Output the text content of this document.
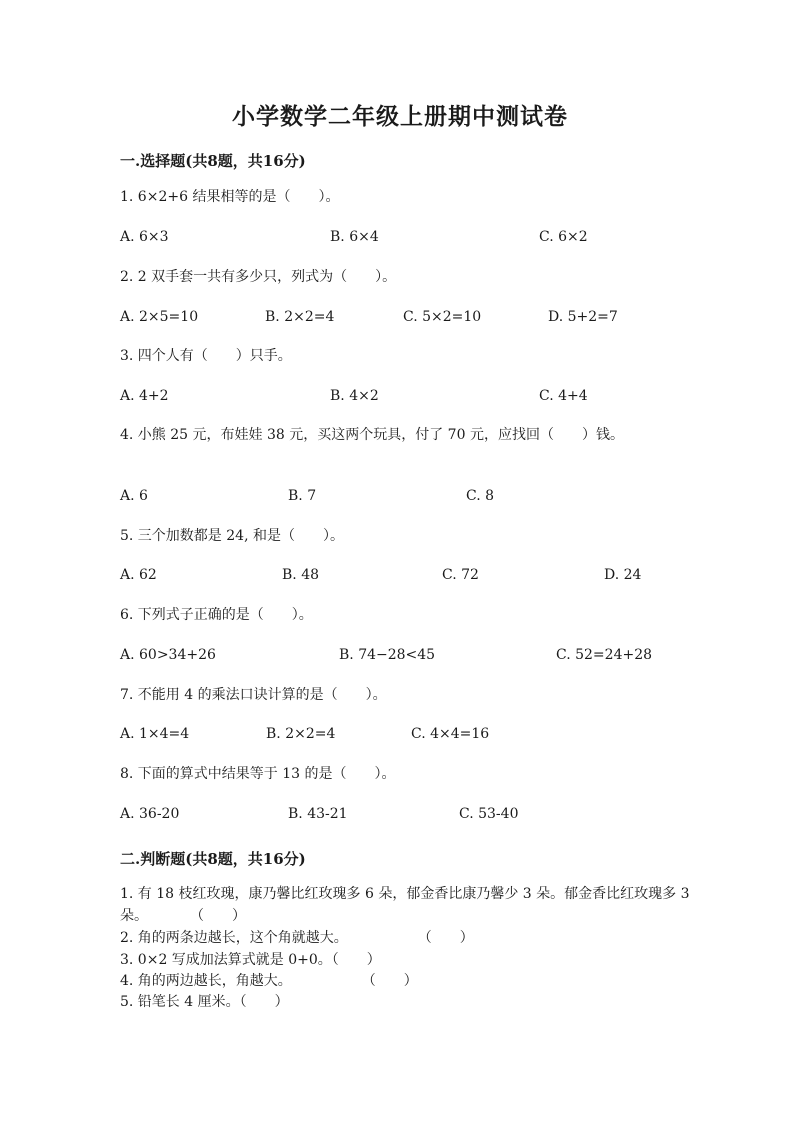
小学数学二年级上册期中测试卷
一.选择题(共8题，共16分)
1. 6×2+6 结果相等的是（　　）。
A. 6×3	B. 6×4	C. 6×2
2. 2 双手套一共有多少只，列式为（　　）。
A. 2×5=10	B. 2×2=4	C. 5×2=10	D. 5+2=7
3. 四个人有（　　）只手。
A. 4+2	B. 4×2	C. 4+4
4. 小熊 25 元，布娃娃 38 元，买这两个玩具，付了 70 元，应找回（　　）钱。
A. 6	B. 7	C. 8
5. 三个加数都是 24, 和是（　　）。
A. 62	B. 48	C. 72	D. 24
6. 下列式子正确的是（　　）。
A. 60>34+26	B. 74−28<45	C. 52=24+28
7. 不能用 4 的乘法口诀计算的是（　　）。
A. 1×4=4	B. 2×2=4	C. 4×4=16
8. 下面的算式中结果等于 13 的是（　　）。
A. 36-20	B. 43-21	C. 53-40
二.判断题(共8题，共16分)
1. 有 18 枝红玫瑰，康乃馨比红玫瑰多 6 朵，郁金香比康乃馨少 3 朵。郁金香比红玫瑰多 3 朵。　　　　（　　）
2. 角的两条边越长，这个角就越大。　　　　　　（　　）
3. 0×2 写成加法算式就是 0+0。（　　）
4. 角的两边越长，角越大。　　　　　　（　　）
5. 铅笔长 4 厘米。（　　）
